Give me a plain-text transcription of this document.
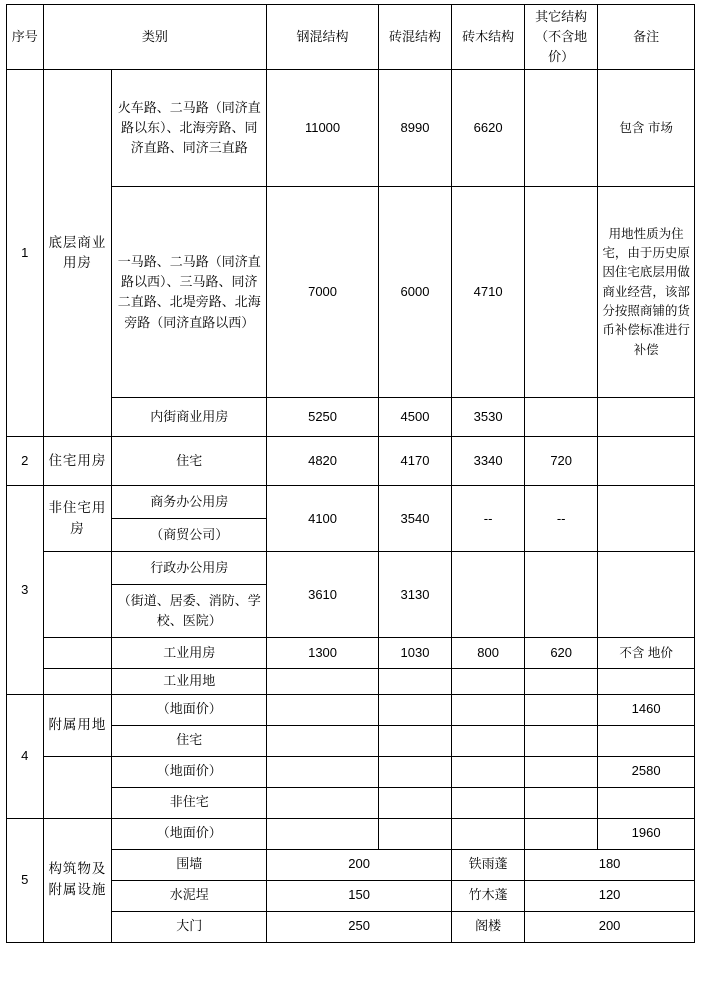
序号	类别		钢混结构	砖混结构	砖木结构	其它结构（不含地价）	备注
1	底层商业用房	火车路、二马路（同济直路以东）、北海旁路、同济直路、同济三直路	11000	8990	6620		包含 市场
		一马路、二马路（同济直路以西）、三马路、同济二直路、北堤旁路、北海旁路（同济直路以西）	7000	6000	4710		用地性质为住宅，由于历史原因住宅底层用做商业经营，该部分按照商铺的货币补偿标准进行补偿
		内街商业用房	5250	4500	3530		
2	住宅用房	住宅	4820	4170	3340	720	
3	非住宅用房	商务办公用房	4100	3540	--	--	
		（商贸公司）					
		行政办公用房	3610	3130			
		（街道、居委、消防、学校、医院）					
		工业用房	1300	1030	800	620	不含 地价

		工业用地					

4	附属用地	（地面价）					1460
		住宅					
		（地面价）					2580
		非住宅					
5	构筑物及附属设施	（地面价）					1960
		围墙	200		铁雨蓬	180	
		水泥埕	150		竹木蓬	120	
		大门	250		阁楼	200	
